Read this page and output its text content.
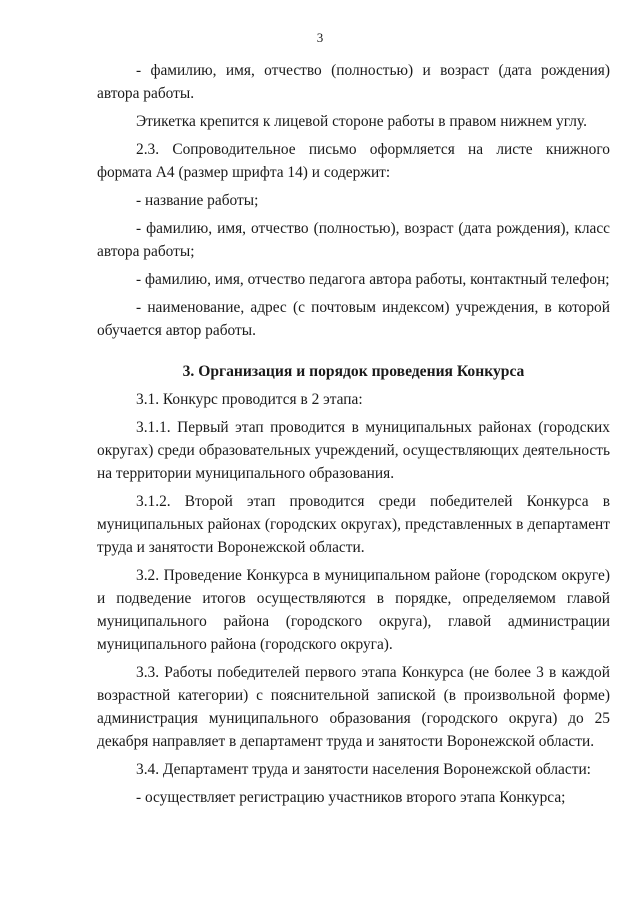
3

- фамилию, имя, отчество (полностью) и возраст (дата рождения) автора работы.

Этикетка крепится к лицевой стороне работы в правом нижнем углу.

2.3. Сопроводительное письмо оформляется на листе книжного формата А4 (размер шрифта 14) и содержит:

- название работы;

- фамилию, имя, отчество (полностью), возраст (дата рождения), класс автора работы;

- фамилию, имя, отчество педагога автора работы, контактный телефон;

- наименование, адрес (с почтовым индексом) учреждения, в которой обучается автор работы.

3. Организация и порядок проведения Конкурса

3.1. Конкурс проводится в 2 этапа:

3.1.1. Первый этап проводится в муниципальных районах (городских округах) среди образовательных учреждений, осуществляющих деятельность на территории муниципального образования.

3.1.2. Второй этап проводится среди победителей Конкурса в муниципальных районах (городских округах), представленных в департамент труда и занятости Воронежской области.

3.2. Проведение Конкурса в муниципальном районе (городском округе) и подведение итогов осуществляются в порядке, определяемом главой муниципального района (городского округа), главой администрации муниципального района (городского округа).

3.3. Работы победителей первого этапа Конкурса (не более 3 в каждой возрастной категории) с пояснительной запиской (в произвольной форме) администрация муниципального образования (городского округа) до 25 декабря направляет в департамент труда и занятости Воронежской области.

3.4. Департамент труда и занятости населения Воронежской области:

- осуществляет регистрацию участников второго этапа Конкурса;
